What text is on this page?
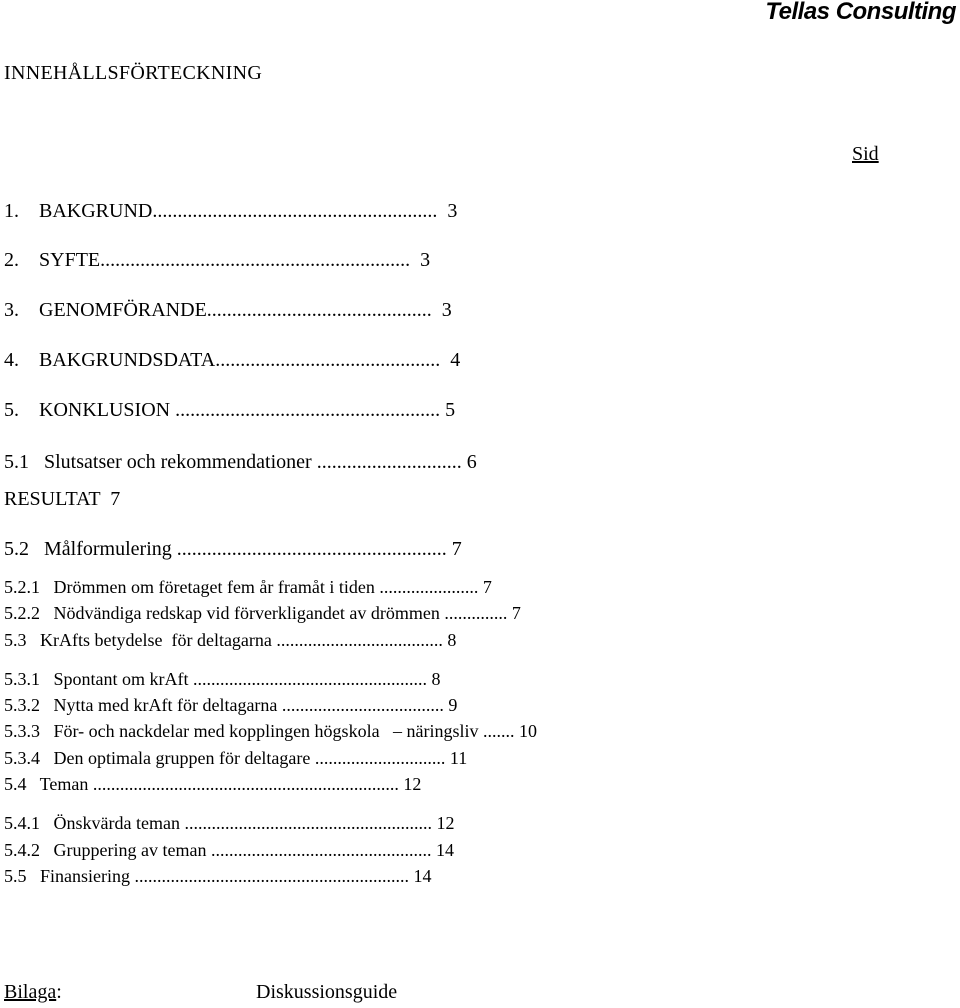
Tellas Consulting
INNEHÅLLSFÖRTECKNING
Sid
1.    BAKGRUND.........................................................  3
2.    SYFTE..............................................................  3
3.    GENOMFÖRANDE.............................................  3
4.    BAKGRUNDSDATA.............................................  4
5.    KONKLUSION ..................................................... 5
5.1   Slutsatser och rekommendationer ............................. 6
RESULTAT  7
5.2   Målformulering ...................................................... 7
5.2.1   Drömmen om företaget fem år framåt i tiden ...................... 7
5.2.2   Nödvändiga redskap vid förverkligandet av drömmen .............. 7
5.3   KrAfts betydelse  för deltagarna ..................................... 8
5.3.1   Spontant om krAft .................................................... 8
5.3.2   Nytta med krAft för deltagarna .................................... 9
5.3.3   För- och nackdelar med kopplingen högskola   – näringsliv ....... 10
5.3.4   Den optimala gruppen för deltagare ............................. 11
5.4   Teman .................................................................... 12
5.4.1   Önskvärda teman ....................................................... 12
5.4.2   Gruppering av teman ................................................. 14
5.5   Finansiering ............................................................. 14
Bilaga:	Diskussionsguide
